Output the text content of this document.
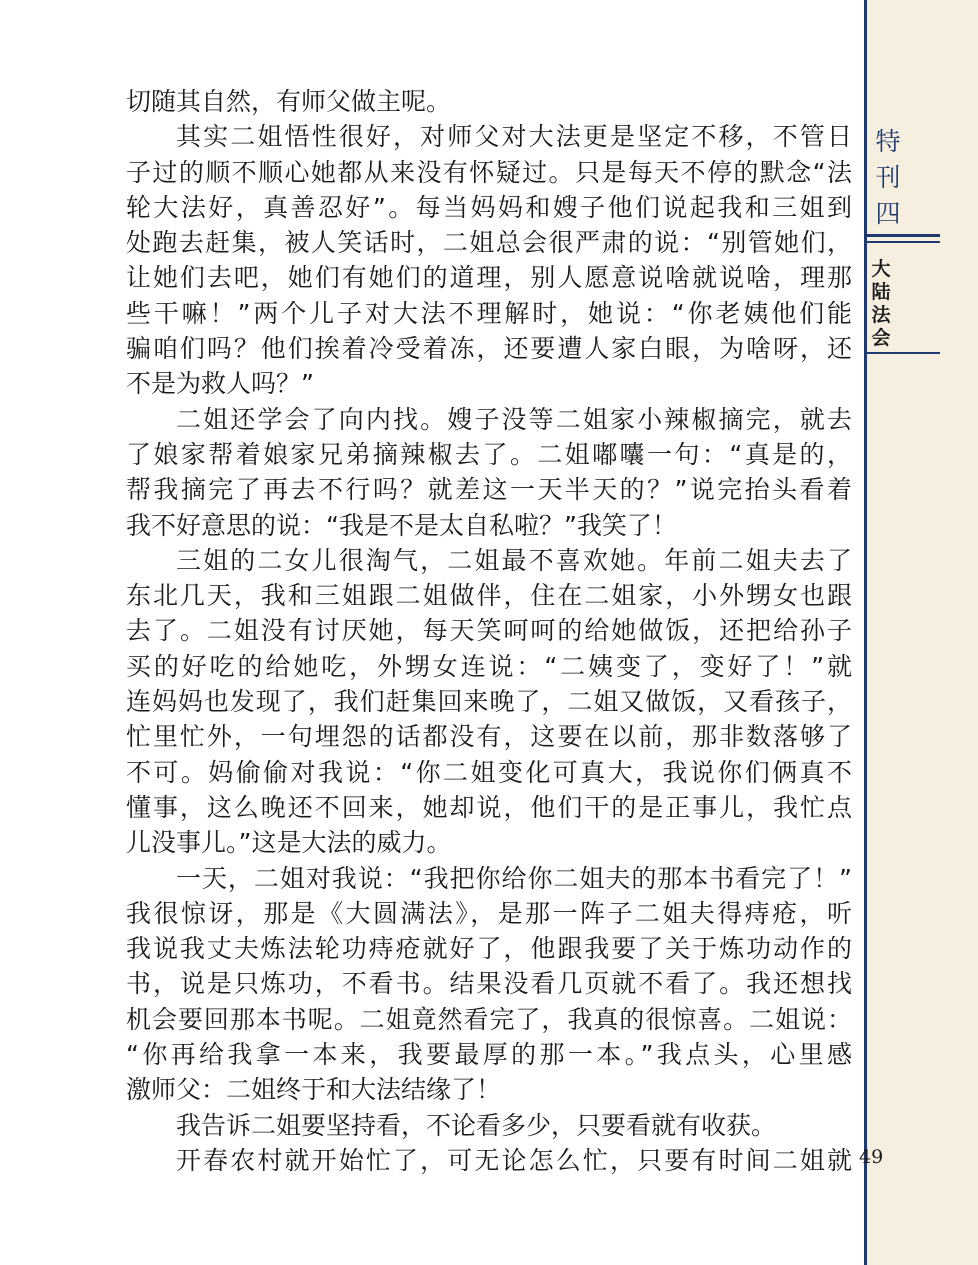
特
刊
四
大
陆
法
会
切随其自然，有师父做主呢。
其实二姐悟性很好，对师父对大法更是坚定不移，不管日
子过的顺不顺心她都从来没有怀疑过。只是每天不停的默念“法
轮大法好，真善忍好”。每当妈妈和嫂子他们说起我和三姐到
处跑去赶集，被人笑话时，二姐总会很严肃的说：“别管她们，
让她们去吧，她们有她们的道理，别人愿意说啥就说啥，理那
些干嘛！”两个儿子对大法不理解时，她说：“你老姨他们能
骗咱们吗？他们挨着冷受着冻，还要遭人家白眼，为啥呀，还
不是为救人吗？”
二姐还学会了向内找。嫂子没等二姐家小辣椒摘完，就去
了娘家帮着娘家兄弟摘辣椒去了。二姐嘟囔一句：“真是的，
帮我摘完了再去不行吗？就差这一天半天的？”说完抬头看着
我不好意思的说：“我是不是太自私啦？”我笑了！
三姐的二女儿很淘气，二姐最不喜欢她。年前二姐夫去了
东北几天，我和三姐跟二姐做伴，住在二姐家，小外甥女也跟
去了。二姐没有讨厌她，每天笑呵呵的给她做饭，还把给孙子
买的好吃的给她吃，外甥女连说：“二姨变了，变好了！”就
连妈妈也发现了，我们赶集回来晚了，二姐又做饭，又看孩子，
忙里忙外，一句埋怨的话都没有，这要在以前，那非数落够了
不可。妈偷偷对我说：“你二姐变化可真大，我说你们俩真不
懂事，这么晚还不回来，她却说，他们干的是正事儿，我忙点
儿没事儿。”这是大法的威力。
一天，二姐对我说：“我把你给你二姐夫的那本书看完了！”
我很惊讶，那是《大圆满法》，是那一阵子二姐夫得痔疮，听
我说我丈夫炼法轮功痔疮就好了，他跟我要了关于炼功动作的
书，说是只炼功，不看书。结果没看几页就不看了。我还想找
机会要回那本书呢。二姐竟然看完了，我真的很惊喜。二姐说：
“你再给我拿一本来，我要最厚的那一本。”我点头，心里感
激师父：二姐终于和大法结缘了！
我告诉二姐要坚持看，不论看多少，只要看就有收获。
开春农村就开始忙了，可无论怎么忙，只要有时间二姐就 49
